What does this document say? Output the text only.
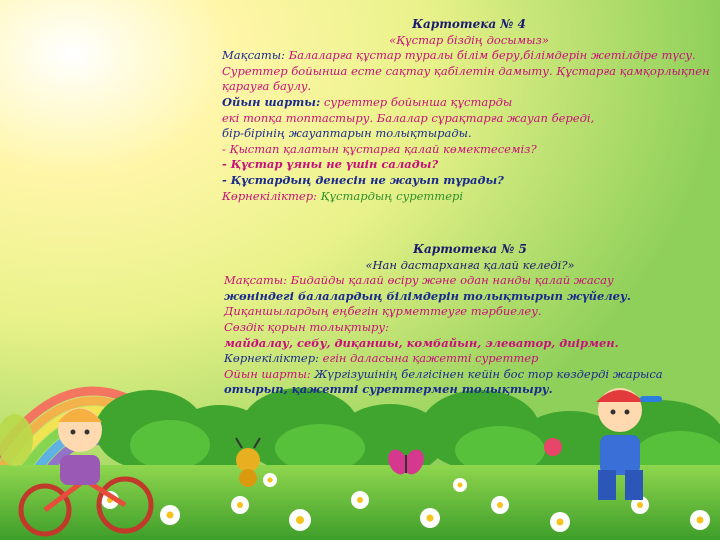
Картотека № 4
«Құстар біздің досымыз»
Мақсаты: Балаларға құстар туралы білім беру,білімдерін жетілдіре түсу.
Суреттер бойынша есте сақтау қабілетін дамыту. Құстарға қамқорлықпен
қарауға баулу.
Ойын шарты: суреттер бойынша құстарды
екі топқа топтастыру. Балалар сұрақтарға жауап береді,
бір-бірінің жауаптарын толықтырады.
- Қыстап қалатын құстарға қалай көмектесеміз?
- Құстар ұяны не үшін салады?
- Құстардың денесін не жауып тұрады?
Көрнекіліктер: Құстардың суреттері
Картотека № 5
«Нан дастарханға қалай келеді?»
Мақсаты: Бидайды қалай өсіру және одан нанды қалай жасау
жөніндегі балалардың білімдерін толықтырып жүйелеу.
Диқаншылардың еңбегін құрметтеуге тәрбиелеу.
Сөздік қорын толықтыру:
майдалау, себу, диқаншы, комбайын, элеватор, диірмен.
Көрнекіліктер: егін даласына қажетті суреттер
Ойын шарты: Жүргізушінің белгісінен кейін бос тор көздерді жарыса
отырып, қажетті суреттермен толықтыру.
